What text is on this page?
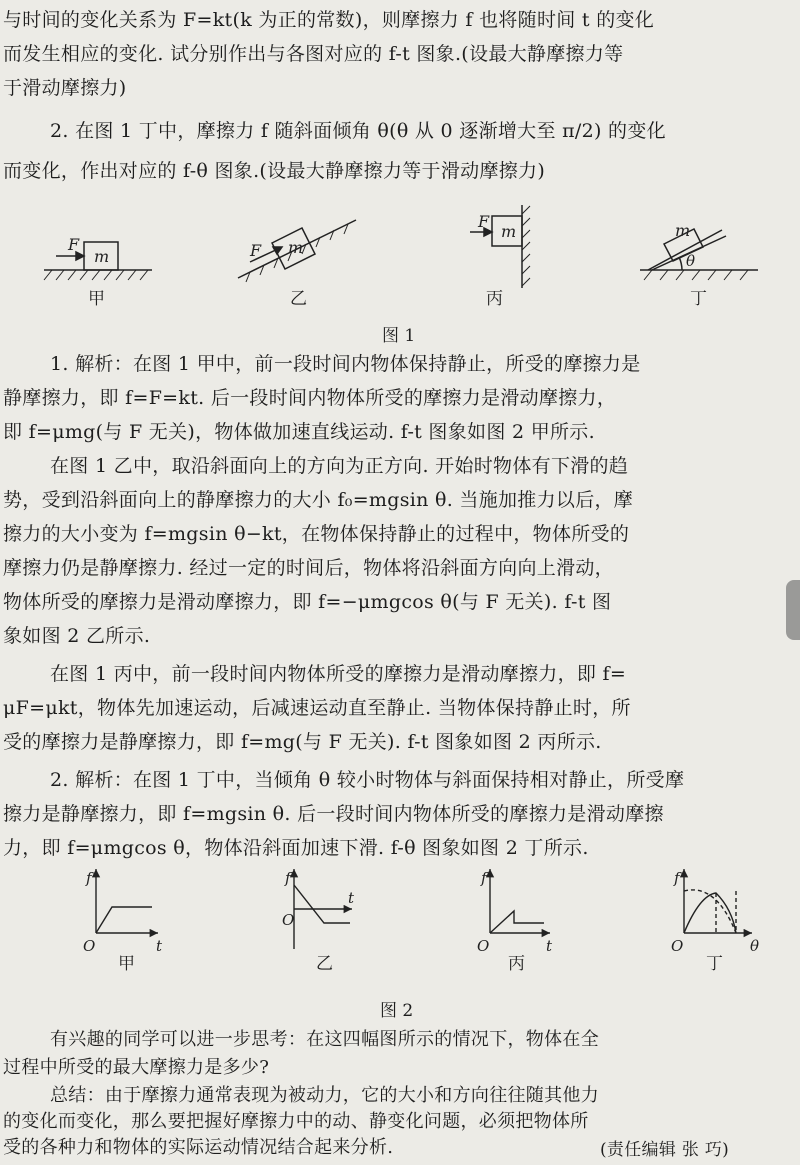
与时间的变化关系为 F=kt(k 为正的常数)，则摩擦力 f 也将随时间 t 的变化
而发生相应的变化. 试分别作出与各图对应的 f-t 图象.(设最大静摩擦力等
于滑动摩擦力)
2. 在图 1 丁中，摩擦力 f 随斜面倾角 θ(θ 从 0 逐渐增大至 π/2) 的变化
而变化，作出对应的 f-θ 图象.(设最大静摩擦力等于滑动摩擦力)
m
F	m
F
m
F	m
θ
甲	乙	丙	丁
图 1
1. 解析：在图 1 甲中，前一段时间内物体保持静止，所受的摩擦力是
静摩擦力，即 f=F=kt. 后一段时间内物体所受的摩擦力是滑动摩擦力，
即 f=μmg(与 F 无关)，物体做加速直线运动. f-t 图象如图 2 甲所示.
在图 1 乙中，取沿斜面向上的方向为正方向. 开始时物体有下滑的趋
势，受到沿斜面向上的静摩擦力的大小 f₀=mgsin θ. 当施加推力以后，摩
擦力的大小变为 f=mgsin θ−kt，在物体保持静止的过程中，物体所受的
摩擦力仍是静摩擦力. 经过一定的时间后，物体将沿斜面方向向上滑动，
物体所受的摩擦力是滑动摩擦力，即 f=−μmgcos θ(与 F 无关). f-t 图
象如图 2 乙所示.
在图 1 丙中，前一段时间内物体所受的摩擦力是滑动摩擦力，即 f=
μF=μkt，物体先加速运动，后减速运动直至静止. 当物体保持静止时，所
受的摩擦力是静摩擦力，即 f=mg(与 F 无关). f-t 图象如图 2 丙所示.
2. 解析：在图 1 丁中，当倾角 θ 较小时物体与斜面保持相对静止，所受摩
擦力是静摩擦力，即 f=mgsin θ. 后一段时间内物体所受的摩擦力是滑动摩擦
力，即 f=μmgcos θ，物体沿斜面加速下滑. f-θ 图象如图 2 丁所示.
f
O	t
甲
f
O
t
乙
f
O	t
丙
f
O	θ
丁
图 2
有兴趣的同学可以进一步思考：在这四幅图所示的情况下，物体在全
过程中所受的最大摩擦力是多少?
总结：由于摩擦力通常表现为被动力，它的大小和方向往往随其他力
的变化而变化，那么要把握好摩擦力中的动、静变化问题，必须把物体所
受的各种力和物体的实际运动情况结合起来分析.	(责任编辑 张 巧)
